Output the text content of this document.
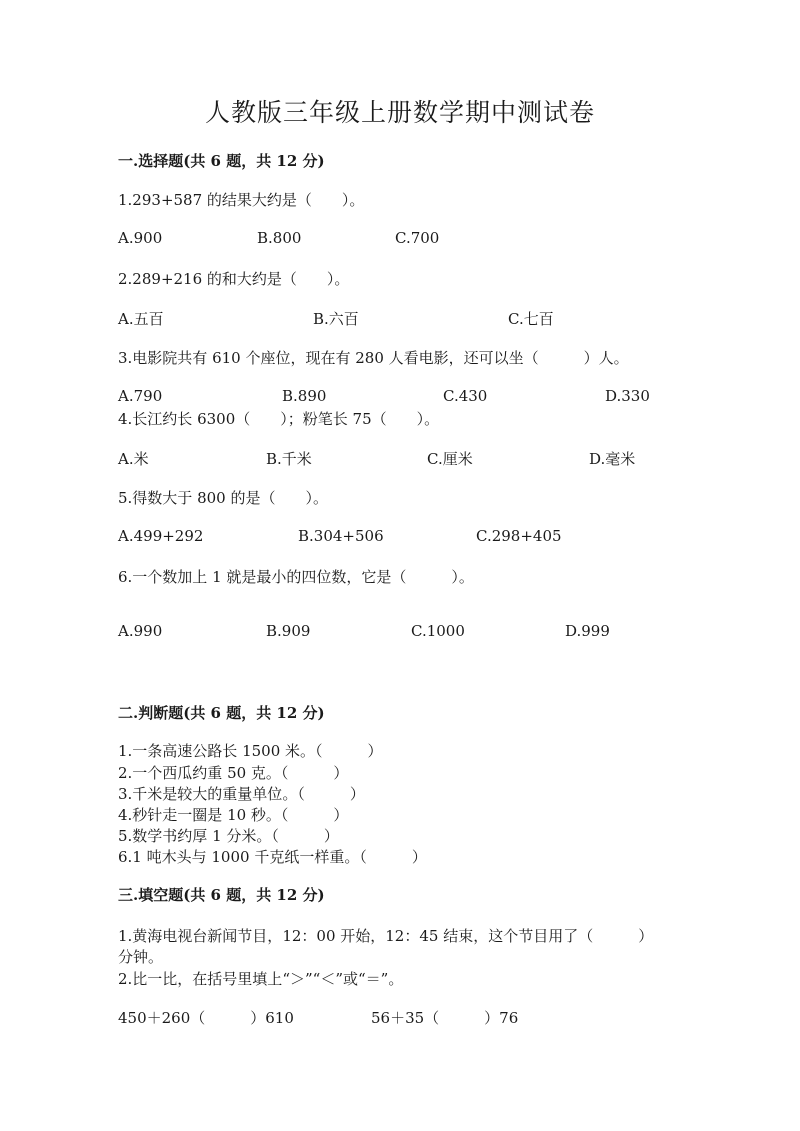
人教版三年级上册数学期中测试卷
一.选择题(共 6 题，共 12 分)
1.293+587 的结果大约是（　　）。
A.900	B.800	C.700
2.289+216 的和大约是（　　）。
A.五百	B.六百	C.七百
3.电影院共有 610 个座位，现在有 280 人看电影，还可以坐（　　　）人。
A.790	B.890	C.430	D.330
4.长江约长 6300（　　）；粉笔长 75（　　）。
A.米	B.千米	C.厘米	D.毫米
5.得数大于 800 的是（　　）。
A.499+292	B.304+506	C.298+405
6.一个数加上 1 就是最小的四位数，它是（　　　）。
A.990	B.909	C.1000	D.999
二.判断题(共 6 题，共 12 分)
1.一条高速公路长 1500 米。（　　　）
2.一个西瓜约重 50 克。（　　　）
3.千米是较大的重量单位。（　　　）
4.秒针走一圈是 10 秒。（　　　）
5.数学书约厚 1 分米。（　　　）
6.1 吨木头与 1000 千克纸一样重。（　　　）
三.填空题(共 6 题，共 12 分)
1.黄海电视台新闻节目，12：00 开始，12：45 结束，这个节目用了（　　　）
分钟。
2.比一比，在括号里填上“＞”“＜”或“＝”。
450＋260（　　　）610	56＋35（　　　）76
